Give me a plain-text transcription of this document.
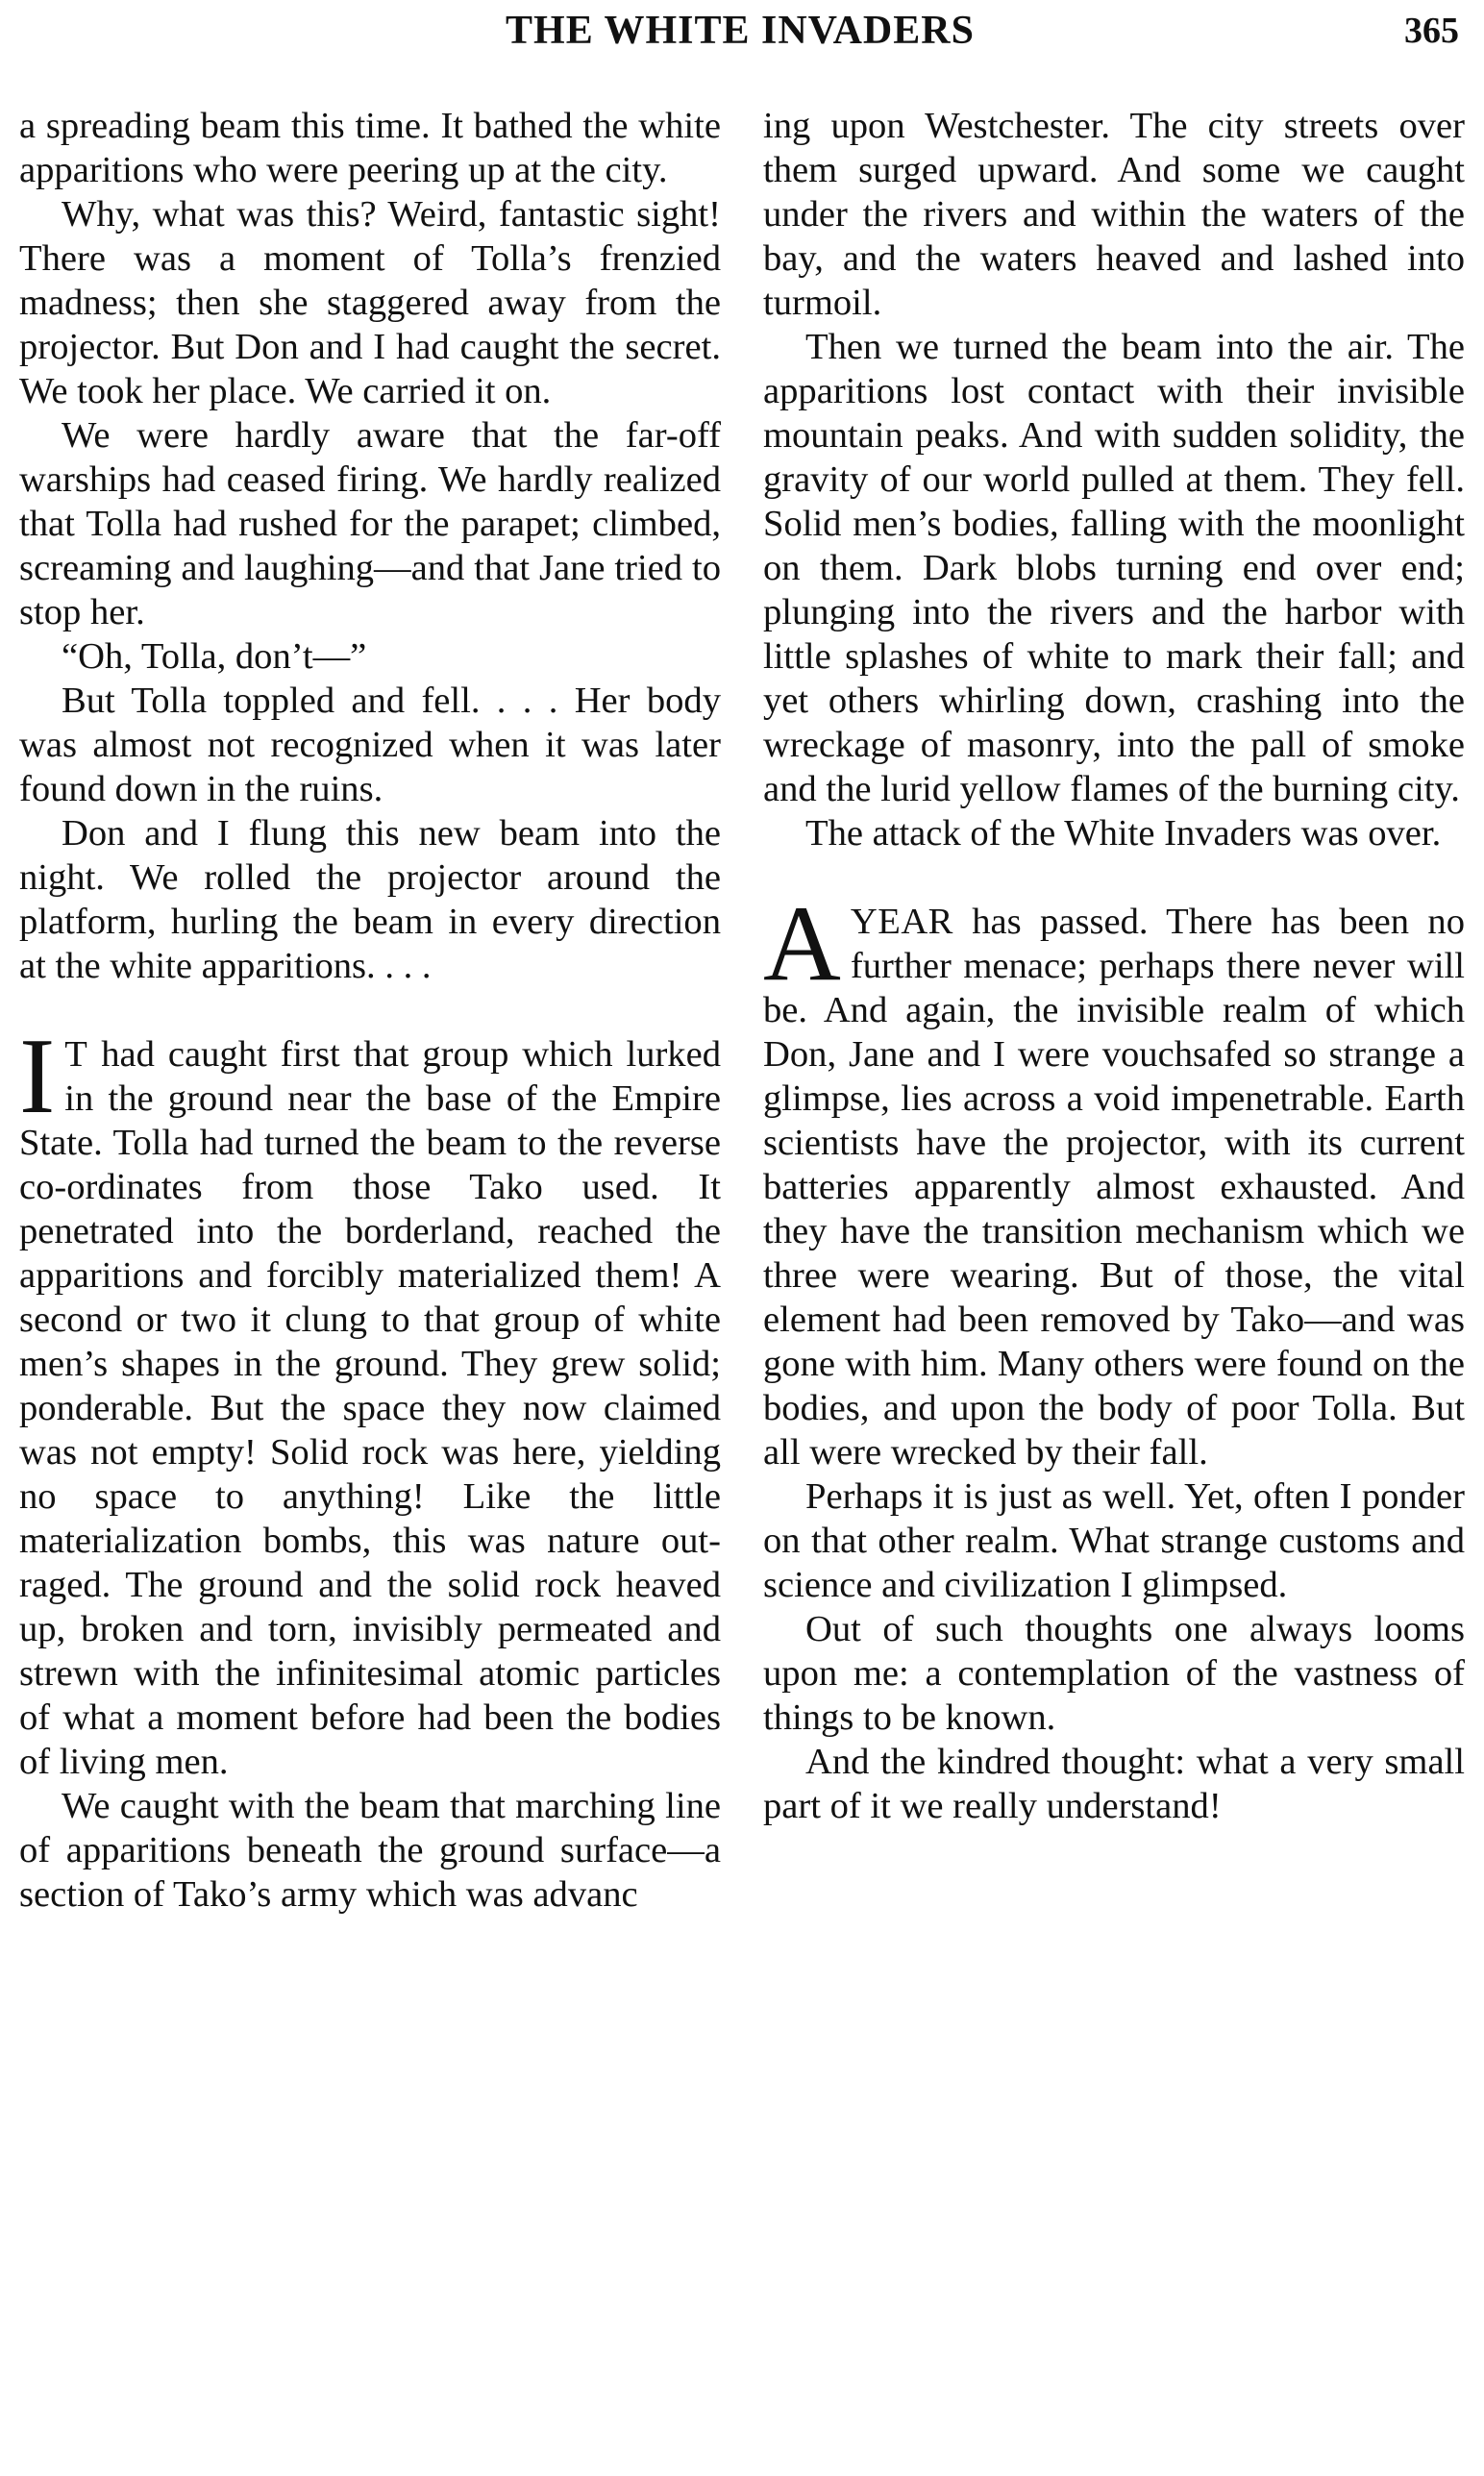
THE WHITE INVADERS	365

a spreading beam this time. It bathed the white apparitions who were peering up at the city.

Why, what was this? Weird, fantastic sight! There was a moment of Tolla’s frenzied madness; then she staggered away from the projector. But Don and I had caught the secret. We took her place. We carried it on.

We were hardly aware that the far-off warships had ceased firing. We hardly realized that Tolla had rushed for the parapet; climbed, screaming and laughing—and that Jane tried to stop her.

“Oh, Tolla, don’t—”

But Tolla toppled and fell. . . . Her body was almost not recognized when it was later found down in the ruins.

Don and I flung this new beam into the night. We rolled the projector around the platform, hurling the beam in every direction at the white apparitions. . . .

I T had caught first that group which lurked in the ground near the base of the Empire State. Tolla had turned the beam to the reverse co-ordinates from those Tako used. It penetrated into the borderland, reached the apparitions and forcibly materialized them! A second or two it clung to that group of white men’s shapes in the ground. They grew solid; ponderable. But the space they now claimed was not empty! Solid rock was here, yielding no space to anything! Like the little materialization bombs, this was nature outraged. The ground and the solid rock heaved up, broken and torn, invisibly permeated and strewn with the infinitesimal atomic particles of what a moment before had been the bodies of living men.

We caught with the beam that marching line of apparitions beneath the ground surface—a section of Tako’s army which was advanc

ing upon Westchester. The city streets over them surged upward. And some we caught under the rivers and within the waters of the bay, and the waters heaved and lashed into turmoil.

Then we turned the beam into the air. The apparitions lost contact with their invisible mountain peaks. And with sudden solidity, the gravity of our world pulled at them. They fell. Solid men’s bodies, falling with the moonlight on them. Dark blobs turning end over end; plunging into the rivers and the harbor with little splashes of white to mark their fall; and yet others whirling down, crashing into the wreckage of masonry, into the pall of smoke and the lurid yellow flames of the burning city.

The attack of the White Invaders was over.

AYEAR has passed. There has been no further menace; perhaps there never will be. And again, the invisible realm of which Don, Jane and I were vouchsafed so strange a glimpse, lies across a void impenetrable. Earth scientists have the projector, with its current batteries apparently almost exhausted. And they have the transition mechanism which we three were wearing. But of those, the vital element had been removed by Tako—and was gone with him. Many others were found on the bodies, and upon the body of poor Tolla. But all were wrecked by their fall.

Perhaps it is just as well. Yet, often I ponder on that other realm. What strange customs and science and civilization I glimpsed.

Out of such thoughts one always looms upon me: a contemplation of the vastness of things to be known.

And the kindred thought: what a very small part of it we really understand!
